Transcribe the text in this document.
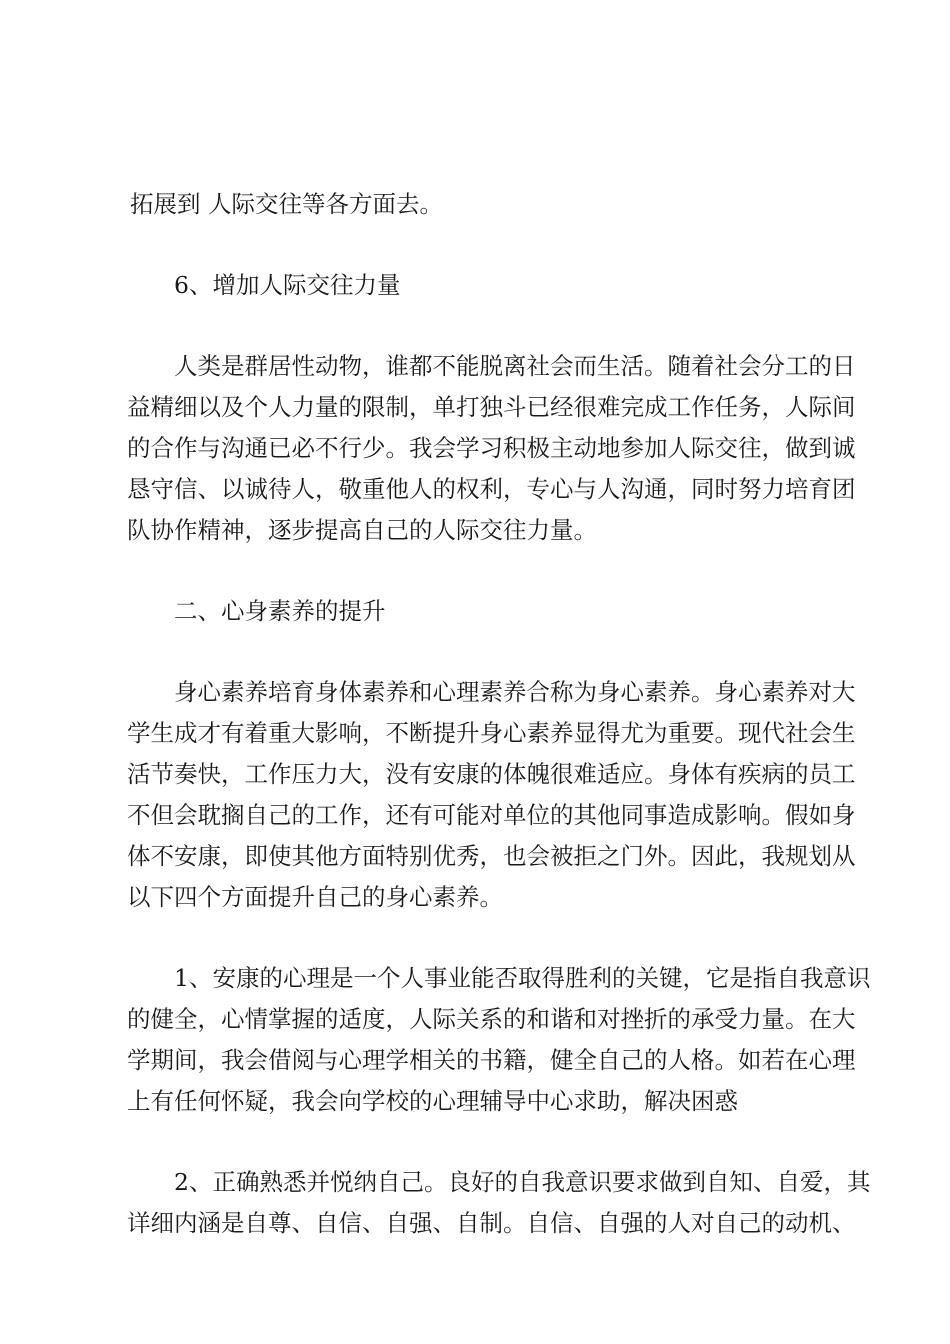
拓展到 人际交往等各方面去。
6、增加人际交往力量
人类是群居性动物，谁都不能脱离社会而生活。随着社会分工的日
益精细以及个人力量的限制，单打独斗已经很难完成工作任务，人际间
的合作与沟通已必不行少。我会学习积极主动地参加人际交往，做到诚
恳守信、以诚待人，敬重他人的权利，专心与人沟通，同时努力培育团
队协作精神，逐步提高自己的人际交往力量。
二、心身素养的提升
身心素养培育身体素养和心理素养合称为身心素养。身心素养对大
学生成才有着重大影响，不断提升身心素养显得尤为重要。现代社会生
活节奏快，工作压力大，没有安康的体魄很难适应。身体有疾病的员工
不但会耽搁自己的工作，还有可能对单位的其他同事造成影响。假如身
体不安康，即使其他方面特别优秀，也会被拒之门外。因此，我规划从
以下四个方面提升自己的身心素养。
1、安康的心理是一个人事业能否取得胜利的关键，它是指自我意识
的健全，心情掌握的适度，人际关系的和谐和对挫折的承受力量。在大
学期间，我会借阅与心理学相关的书籍，健全自己的人格。如若在心理
上有任何怀疑，我会向学校的心理辅导中心求助，解决困惑
2、正确熟悉并悦纳自己。良好的自我意识要求做到自知、自爱，其
详细内涵是自尊、自信、自强、自制。自信、自强的人对自己的动机、
